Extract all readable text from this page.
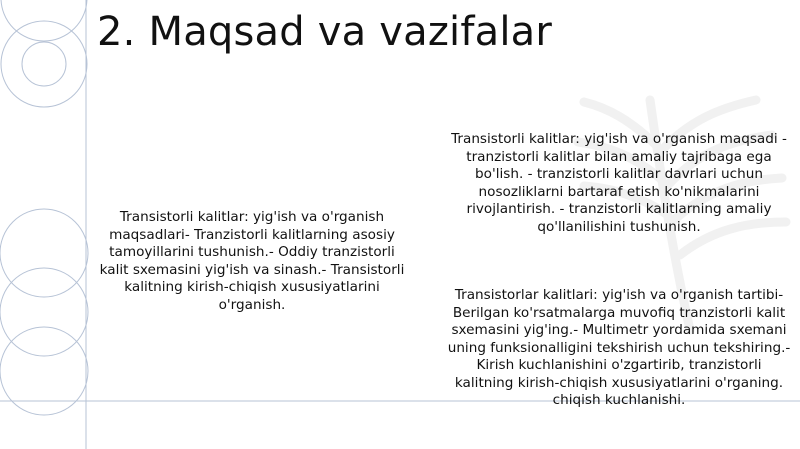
2. Maqsad va vazifalar
Transistorli kalitlar: yig'ish va o'rganish maqsadlari- Tranzistorli kalitlarning asosiy tamoyillarini tushunish.- Oddiy tranzistorli kalit sxemasini yig'ish va sinash.- Transistorli kalitning kirish-chiqish xususiyatlarini o'rganish.
Transistorli kalitlar: yig'ish va o'rganish maqsadi - tranzistorli kalitlar bilan amaliy tajribaga ega bo'lish. - tranzistorli kalitlar davrlari uchun nosozliklarni bartaraf etish ko'nikmalarini rivojlantirish. - tranzistorli kalitlarning amaliy qo'llanilishini tushunish.
Transistorlar kalitlari: yig'ish va o'rganish tartibi- Berilgan ko'rsatmalarga muvofiq tranzistorli kalit sxemasini yig'ing.- Multimetr yordamida sxemani uning funksionalligini tekshirish uchun tekshiring.- Kirish kuchlanishini o'zgartirib, tranzistorli kalitning kirish-chiqish xususiyatlarini o'rganing. chiqish kuchlanishi.
